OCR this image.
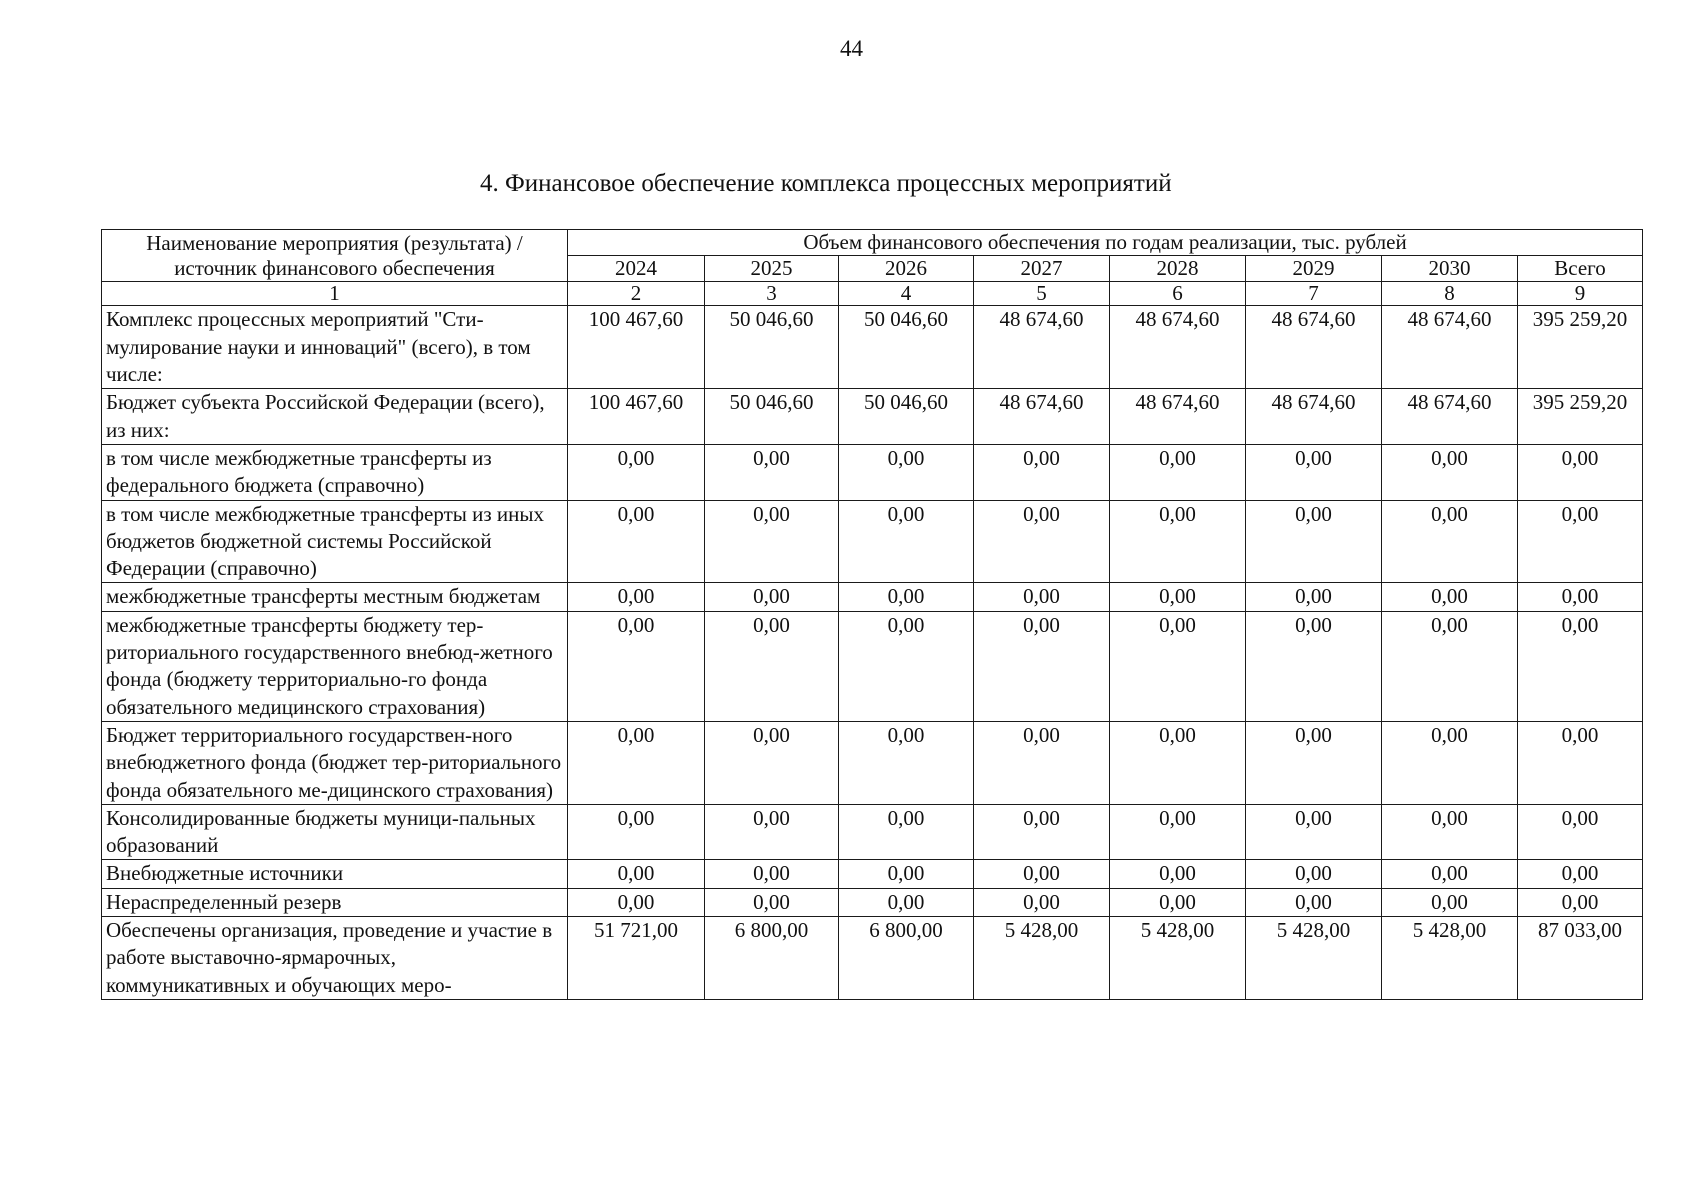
44
4. Финансовое обеспечение комплекса процессных мероприятий
Наименование мероприятия (результата) / источник финансового обеспечения	Объем финансового обеспечения по годам реализации, тыс. рублей							
	2024	2025	2026	2027	2028	2029	2030	Всего
1	2	3	4	5	6	7	8	9
Комплекс процессных мероприятий "Сти-мулирование науки и инноваций" (всего), в том числе:	100 467,60	50 046,60	50 046,60	48 674,60	48 674,60	48 674,60	48 674,60	395 259,20
Бюджет субъекта Российской Федерации (всего), из них:	100 467,60	50 046,60	50 046,60	48 674,60	48 674,60	48 674,60	48 674,60	395 259,20
в том числе межбюджетные трансферты из федерального бюджета (справочно)	0,00	0,00	0,00	0,00	0,00	0,00	0,00	0,00
в том числе межбюджетные трансферты из иных бюджетов бюджетной системы Российской Федерации (справочно)	0,00	0,00	0,00	0,00	0,00	0,00	0,00	0,00
межбюджетные трансферты местным бюджетам	0,00	0,00	0,00	0,00	0,00	0,00	0,00	0,00
межбюджетные трансферты бюджету тер-риториального государственного внебюд-жетного фонда (бюджету территориально-го фонда обязательного медицинского страхования)	0,00	0,00	0,00	0,00	0,00	0,00	0,00	0,00
Бюджет территориального государствен-ного внебюджетного фонда (бюджет тер-риториального фонда обязательного ме-дицинского страхования)	0,00	0,00	0,00	0,00	0,00	0,00	0,00	0,00
Консолидированные бюджеты муници-пальных образований	0,00	0,00	0,00	0,00	0,00	0,00	0,00	0,00
Внебюджетные источники	0,00	0,00	0,00	0,00	0,00	0,00	0,00	0,00
Нераспределенный резерв	0,00	0,00	0,00	0,00	0,00	0,00	0,00	0,00
Обеспечены организация, проведение и участие в работе выставочно-ярмарочных, коммуникативных и обучающих меро-	51 721,00	6 800,00	6 800,00	5 428,00	5 428,00	5 428,00	5 428,00	87 033,00
